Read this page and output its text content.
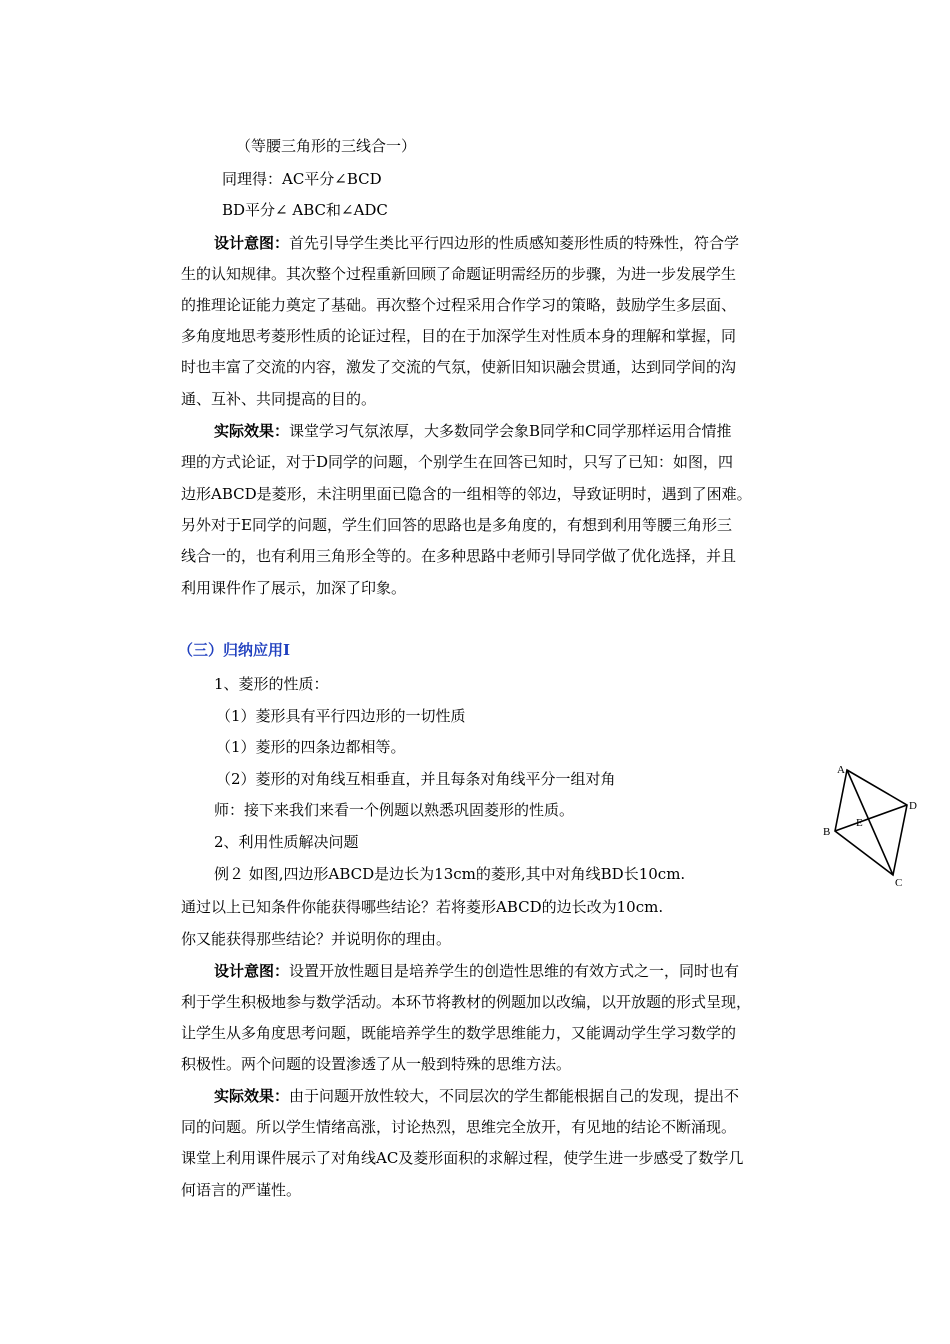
（等腰三角形的三线合一）
同理得：AC平分∠BCD
BD平分∠ ABC和∠ADC
设计意图：首先引导学生类比平行四边形的性质感知菱形性质的特殊性，符合学
生的认知规律。其次整个过程重新回顾了命题证明需经历的步骤，为进一步发展学生
的推理论证能力奠定了基础。再次整个过程采用合作学习的策略，鼓励学生多层面、
多角度地思考菱形性质的论证过程，目的在于加深学生对性质本身的理解和掌握，同
时也丰富了交流的内容，激发了交流的气氛，使新旧知识融会贯通，达到同学间的沟
通、互补、共同提高的目的。
实际效果：课堂学习气氛浓厚，大多数同学会象B同学和C同学那样运用合情推
理的方式论证，对于D同学的问题，个别学生在回答已知时，只写了已知：如图，四
边形ABCD是菱形，未注明里面已隐含的一组相等的邻边，导致证明时，遇到了困难。
另外对于E同学的问题，学生们回答的思路也是多角度的，有想到利用等腰三角形三
线合一的，也有利用三角形全等的。在多种思路中老师引导同学做了优化选择，并且
利用课件作了展示，加深了印象。
（三）归纳应用Ⅰ
1、菱形的性质：
（1）菱形具有平行四边形的一切性质
（1）菱形的四条边都相等。
（2）菱形的对角线互相垂直，并且每条对角线平分一组对角
师：接下来我们来看一个例题以熟悉巩固菱形的性质。
2、利用性质解决问题
例２ 如图,四边形ABCD是边长为13cm的菱形,其中对角线BD长10cm.
通过以上已知条件你能获得哪些结论？若将菱形ABCD的边长改为10cm.
你又能获得那些结论？并说明你的理由。
A
D
B
E
C
设计意图：设置开放性题目是培养学生的创造性思维的有效方式之一，同时也有
利于学生积极地参与数学活动。本环节将教材的例题加以改编，以开放题的形式呈现，
让学生从多角度思考问题，既能培养学生的数学思维能力，又能调动学生学习数学的
积极性。两个问题的设置渗透了从一般到特殊的思维方法。
实际效果：由于问题开放性较大，不同层次的学生都能根据自己的发现，提出不
同的问题。所以学生情绪高涨，讨论热烈，思维完全放开，有见地的结论不断涌现。
课堂上利用课件展示了对角线AC及菱形面积的求解过程，使学生进一步感受了数学几
何语言的严谨性。
